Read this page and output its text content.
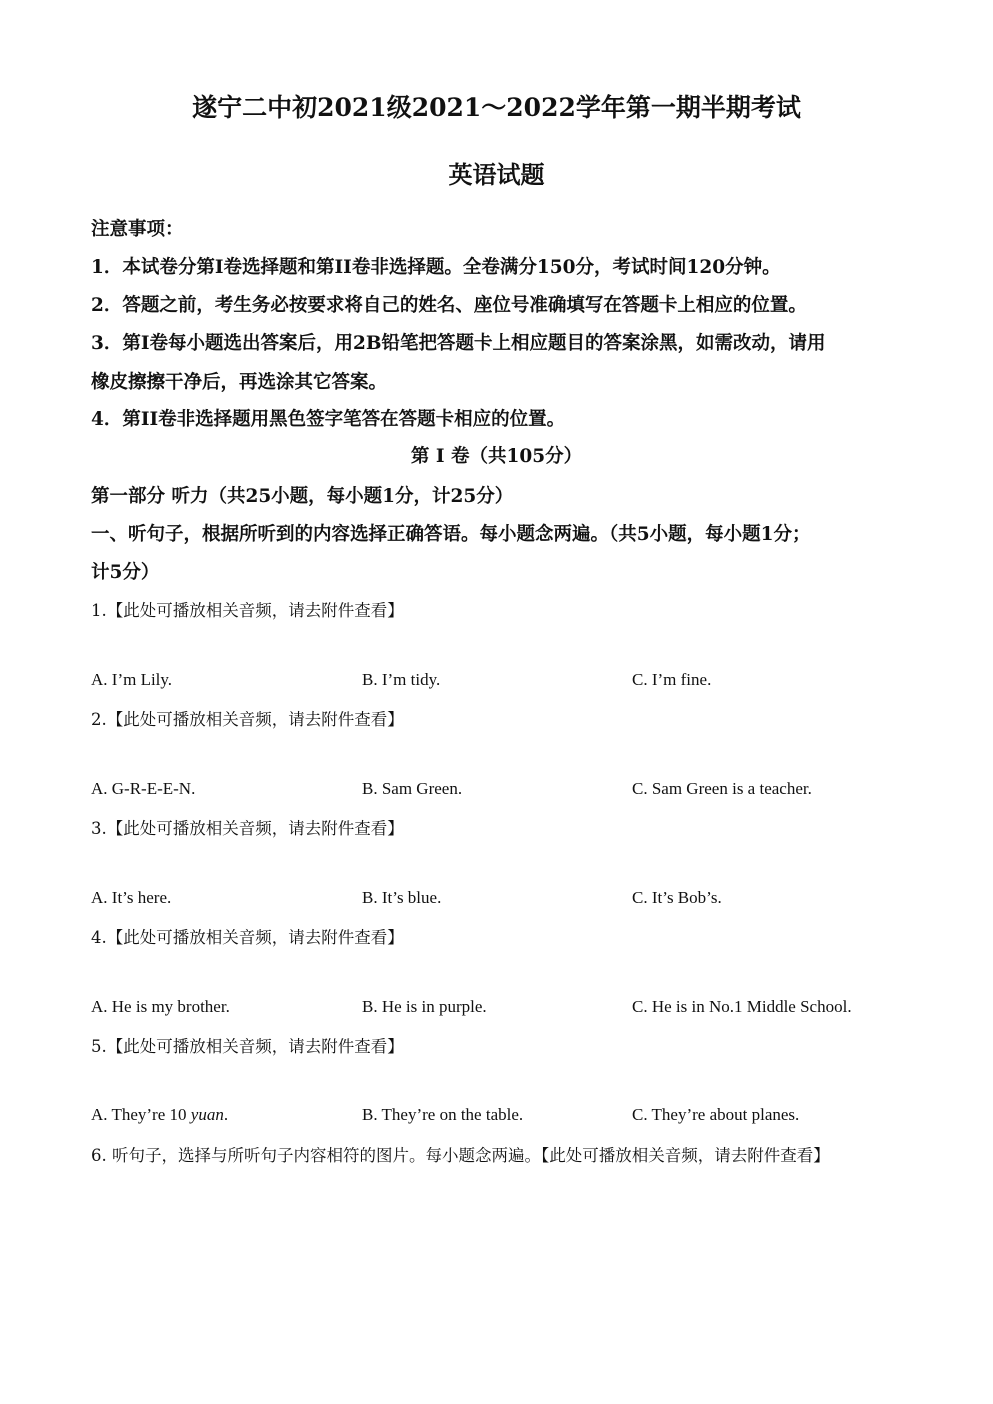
遂宁二中初2021级2021～2022学年第一期半期考试
英语试题
注意事项：
1．本试卷分第I卷选择题和第II卷非选择题。全卷满分150分，考试时间120分钟。
2．答题之前，考生务必按要求将自己的姓名、座位号准确填写在答题卡上相应的位置。
3．第I卷每小题选出答案后，用2B铅笔把答题卡上相应题目的答案涂黑，如需改动，请用
橡皮擦擦干净后，再选涂其它答案。
4．第II卷非选择题用黑色签字笔答在答题卡相应的位置。
第 I 卷（共105分）
第一部分 听力（共25小题，每小题1分，计25分）
一、听句子，根据所听到的内容选择正确答语。每小题念两遍。（共5小题，每小题1分；
计5分）
1.【此处可播放相关音频，请去附件查看】
A. I’m Lily.	B. I’m tidy.	C. I’m fine.
2.【此处可播放相关音频，请去附件查看】
A. G-R-E-E-N.	B. Sam Green.	C. Sam Green is a teacher.
3.【此处可播放相关音频，请去附件查看】
A. It’s here.	B. It’s blue.	C. It’s Bob’s.
4.【此处可播放相关音频，请去附件查看】
A. He is my brother.	B. He is in purple.	C. He is in No.1 Middle School.
5.【此处可播放相关音频，请去附件查看】
A. They’re 10 yuan.	B. They’re on the table.	C. They’re about planes.
6. 听句子，选择与所听句子内容相符的图片。每小题念两遍。【此处可播放相关音频，请去附件查看】
